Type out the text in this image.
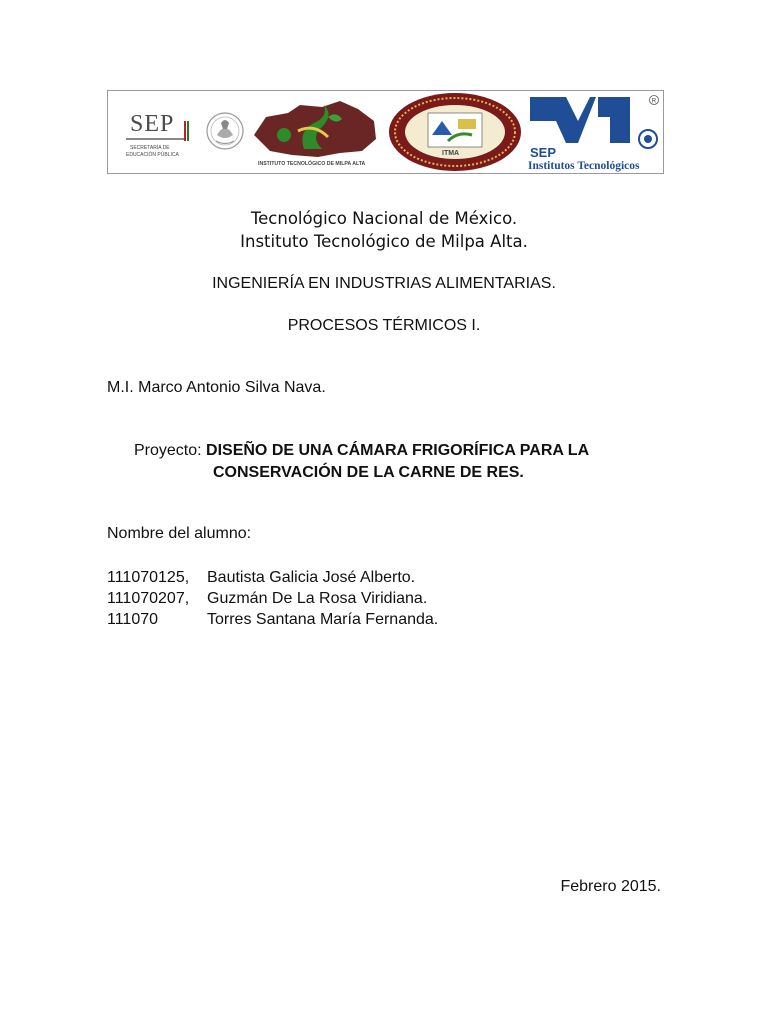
SEP
SECRETARÍA DE
EDUCACIÓN PÚBLICA
INSTITUTO TECNOLÓGICO DE MILPA ALTA
ITMA
R
SEP
Institutos Tecnológicos
Tecnológico Nacional de México.
Instituto Tecnológico de Milpa Alta.
INGENIERÍA EN INDUSTRIAS ALIMENTARIAS.
PROCESOS TÉRMICOS I.
M.I. Marco Antonio Silva Nava.
Proyecto: DISEÑO DE UNA CÁMARA FRIGORÍFICA PARA LA
CONSERVACIÓN DE LA CARNE DE RES.
Nombre del alumno:
111070125, Bautista Galicia José Alberto.
111070207, Guzmán De La Rosa Viridiana.
111070	Torres Santana María Fernanda.
Febrero 2015.
